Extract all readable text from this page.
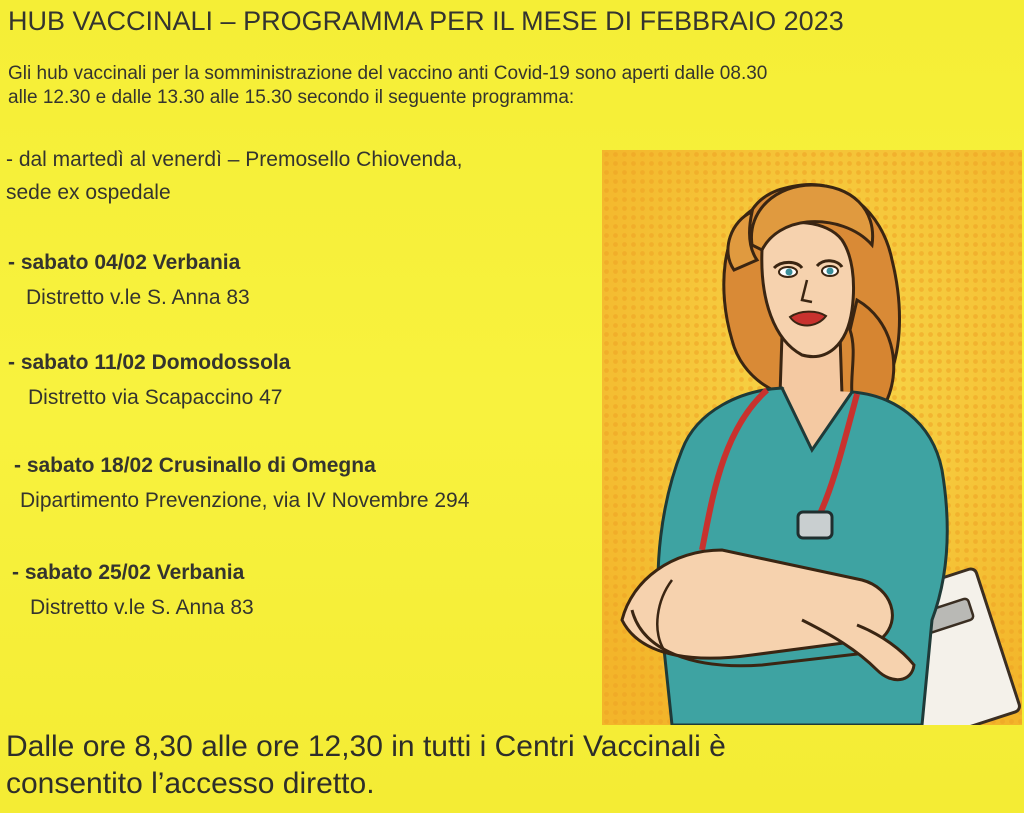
HUB VACCINALI – PROGRAMMA PER IL MESE DI FEBBRAIO 2023
Gli hub vaccinali per la somministrazione del vaccino anti Covid-19 sono aperti dalle 08.30
alle 12.30 e dalle 13.30 alle 15.30 secondo il seguente programma:
- dal martedì al venerdì – Premosello Chiovenda,
sede ex ospedale
- sabato 04/02 Verbania
Distretto v.le S. Anna 83
- sabato 11/02 Domodossola
Distretto via Scapaccino 47
- sabato 18/02 Crusinallo di Omegna
Dipartimento Prevenzione, via IV Novembre 294
- sabato 25/02 Verbania
Distretto v.le S. Anna 83
Dalle ore 8,30 alle ore 12,30 in tutti i Centri Vaccinali è
consentito l’accesso diretto.
